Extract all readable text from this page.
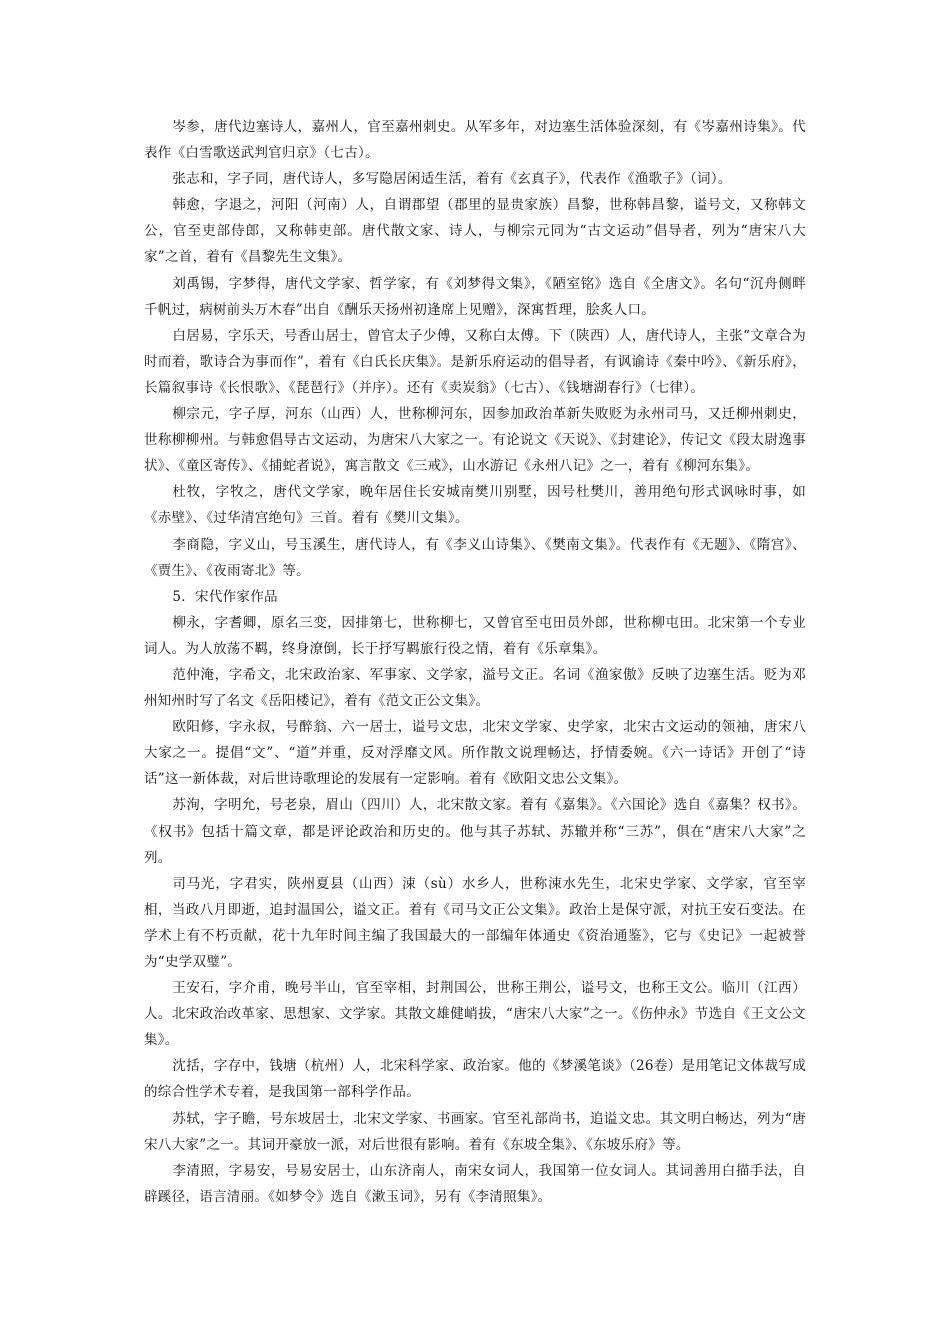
岑参，唐代边塞诗人，嘉州人，官至嘉州刺史。从军多年，对边塞生活体验深刻，有《岑嘉州诗集》。代表作《白雪歌送武判官归京》（七古）。

张志和，字子同，唐代诗人，多写隐居闲适生活，着有《玄真子》，代表作《渔歌子》（词）。

韩愈，字退之，河阳（河南）人，自谓郡望（郡里的显贵家族）昌黎，世称韩昌黎，谥号文，又称韩文公，官至吏部侍郎，又称韩吏部。唐代散文家、诗人，与柳宗元同为“古文运动”倡导者，列为“唐宋八大家”之首，着有《昌黎先生文集》。

刘禹锡，字梦得，唐代文学家、哲学家，有《刘梦得文集》，《陋室铭》选自《全唐文》。名句“沉舟侧畔千帆过，病树前头万木春”出自《酬乐天扬州初逢席上见赠》，深寓哲理，脍炙人口。

白居易，字乐天，号香山居士，曾官太子少傅，又称白太傅。下（陕西）人，唐代诗人，主张“文章合为时而着，歌诗合为事而作”，着有《白氏长庆集》。是新乐府运动的倡导者，有讽谕诗《秦中吟》、《新乐府》，长篇叙事诗《长恨歌》、《琵琶行》（并序）。还有《卖炭翁》（七古）、《钱塘湖春行》（七律）。

柳宗元，字子厚，河东（山西）人，世称柳河东，因参加政治革新失败贬为永州司马，又迁柳州刺史，世称柳柳州。与韩愈倡导古文运动，为唐宋八大家之一。有论说文《天说》、《封建论》，传记文《段太尉逸事状》、《童区寄传》、《捕蛇者说》，寓言散文《三戒》，山水游记《永州八记》之一，着有《柳河东集》。

杜牧，字牧之，唐代文学家，晚年居住长安城南樊川别墅，因号杜樊川，善用绝句形式讽咏时事，如《赤壁》、《过华清宫绝句》三首。着有《樊川文集》。

李商隐，字义山，号玉溪生，唐代诗人，有《李义山诗集》、《樊南文集》。代表作有《无题》、《隋宫》、《贾生》、《夜雨寄北》等。

5．宋代作家作品

柳永，字耆卿，原名三变，因排第七，世称柳七，又曾官至屯田员外郎，世称柳屯田。北宋第一个专业词人。为人放荡不羁，终身潦倒，长于抒写羁旅行役之情，着有《乐章集》。

范仲淹，字希文，北宋政治家、军事家、文学家，溢号文正。名词《渔家傲》反映了边塞生活。贬为邓州知州时写了名文《岳阳楼记》，着有《范文正公文集》。

欧阳修，字永叔，号醉翁、六一居士，谥号文忠，北宋文学家、史学家，北宋古文运动的领袖，唐宋八大家之一。提倡“文”、“道”并重，反对浮靡文风。所作散文说理畅达，抒情委婉。《六一诗话》开创了“诗话”这一新体裁，对后世诗歌理论的发展有一定影响。着有《欧阳文忠公文集》。

苏洵，字明允，号老泉，眉山（四川）人，北宋散文家。着有《嘉集》。《六国论》选自《嘉集？权书》。《权书》包括十篇文章，都是评论政治和历史的。他与其子苏轼、苏辙并称“三苏”，俱在“唐宋八大家”之列。

司马光，字君实，陕州夏县（山西）涑（sù）水乡人，世称涑水先生，北宋史学家、文学家，官至宰相，当政八月即逝，追封温国公，谥文正。着有《司马文正公文集》。政治上是保守派，对抗王安石变法。在学术上有不朽贡献，花十九年时间主编了我国最大的一部编年体通史《资治通鉴》，它与《史记》一起被誉为“史学双璧”。

王安石，字介甫，晚号半山，官至宰相，封荆国公，世称王荆公，谥号文，也称王文公。临川（江西）人。北宋政治改革家、思想家、文学家。其散文雄健峭拔，“唐宋八大家”之一。《伤仲永》节选自《王文公文集》。

沈括，字存中，钱塘（杭州）人，北宋科学家、政治家。他的《梦溪笔谈》（26卷）是用笔记文体裁写成的综合性学术专着，是我国第一部科学作品。

苏轼，字子瞻，号东坡居士，北宋文学家、书画家。官至礼部尚书，追谥文忠。其文明白畅达，列为“唐宋八大家”之一。其词开豪放一派，对后世很有影响。着有《东坡全集》、《东坡乐府》等。

李清照，字易安，号易安居士，山东济南人，南宋女词人，我国第一位女词人。其词善用白描手法，自辟蹊径，语言清丽。《如梦令》选自《漱玉词》，另有《李清照集》。
